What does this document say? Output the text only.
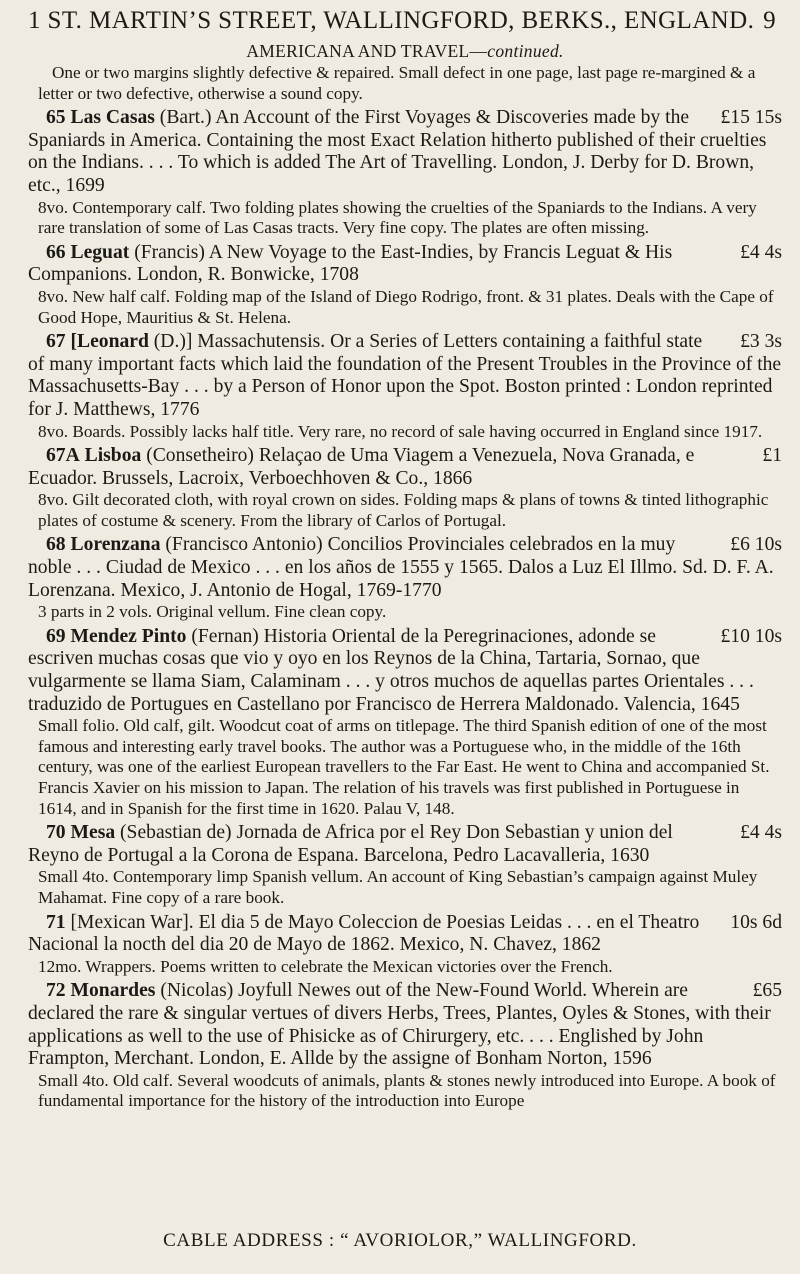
1 ST. MARTIN’S STREET, WALLINGFORD, BERKS., ENGLAND. 9
AMERICANA AND TRAVEL—continued.
One or two margins slightly defective & repaired. Small defect in one page, last page re-margined & a letter or two defective, otherwise a sound copy.
£15 15s
65 Las Casas (Bart.) An Account of the First Voyages & Discoveries made by the Spaniards in America. Containing the most Exact Relation hitherto published of their cruelties on the Indians. . . . To which is added The Art of Travelling. London, J. Derby for D. Brown, etc., 1699
8vo. Contemporary calf. Two folding plates showing the cruelties of the Spaniards to the Indians. A very rare translation of some of Las Casas tracts. Very fine copy. The plates are often missing.
£4 4s
66 Leguat (Francis) A New Voyage to the East-Indies, by Francis Leguat & His Companions. London, R. Bonwicke, 1708
8vo. New half calf. Folding map of the Island of Diego Rodrigo, front. & 31 plates. Deals with the Cape of Good Hope, Mauritius & St. Helena.
£3 3s
67 [Leonard (D.)] Massachutensis. Or a Series of Letters containing a faithful state of many important facts which laid the foundation of the Present Troubles in the Province of the Massachusetts-Bay . . . by a Person of Honor upon the Spot. Boston printed : London reprinted for J. Matthews, 1776
8vo. Boards. Possibly lacks half title. Very rare, no record of sale having occurred in England since 1917.
£1
67A Lisboa (Consetheiro) Relaçao de Uma Viagem a Venezuela, Nova Granada, e Ecuador. Brussels, Lacroix, Verboechhoven & Co., 1866
8vo. Gilt decorated cloth, with royal crown on sides. Folding maps & plans of towns & tinted lithographic plates of costume & scenery. From the library of Carlos of Portugal.
£6 10s
68 Lorenzana (Francisco Antonio) Concilios Provinciales celebrados en la muy noble . . . Ciudad de Mexico . . . en los años de 1555 y 1565. Dalos a Luz El Illmo. Sd. D. F. A. Lorenzana. Mexico, J. Antonio de Hogal, 1769-1770
3 parts in 2 vols. Original vellum. Fine clean copy.
£10 10s
69 Mendez Pinto (Fernan) Historia Oriental de la Peregrinaciones, adonde se escriven muchas cosas que vio y oyo en los Reynos de la China, Tartaria, Sornao, que vulgarmente se llama Siam, Calaminam . . . y otros muchos de aquellas partes Orientales . . . traduzido de Portugues en Castellano por Francisco de Herrera Maldonado. Valencia, 1645
Small folio. Old calf, gilt. Woodcut coat of arms on titlepage. The third Spanish edition of one of the most famous and interesting early travel books. The author was a Portuguese who, in the middle of the 16th century, was one of the earliest European travellers to the Far East. He went to China and accompanied St. Francis Xavier on his mission to Japan. The relation of his travels was first published in Portuguese in 1614, and in Spanish for the first time in 1620. Palau V, 148.
£4 4s
70 Mesa (Sebastian de) Jornada de Africa por el Rey Don Sebastian y union del Reyno de Portugal a la Corona de Espana. Barcelona, Pedro Lacavalleria, 1630
Small 4to. Contemporary limp Spanish vellum. An account of King Sebastian’s campaign against Muley Mahamat. Fine copy of a rare book.
10s 6d
71 [Mexican War]. El dia 5 de Mayo Coleccion de Poesias Leidas . . . en el Theatro Nacional la nocth del dia 20 de Mayo de 1862. Mexico, N. Chavez, 1862
12mo. Wrappers. Poems written to celebrate the Mexican victories over the French.
£65
72 Monardes (Nicolas) Joyfull Newes out of the New-Found World. Wherein are declared the rare & singular vertues of divers Herbs, Trees, Plantes, Oyles & Stones, with their applications as well to the use of Phisicke as of Chirurgery, etc. . . . Englished by John Frampton, Merchant. London, E. Allde by the assigne of Bonham Norton, 1596
Small 4to. Old calf. Several woodcuts of animals, plants & stones newly introduced into Europe. A book of fundamental importance for the history of the introduction into Europe
CABLE ADDRESS : “ AVORIOLOR,” WALLINGFORD.
